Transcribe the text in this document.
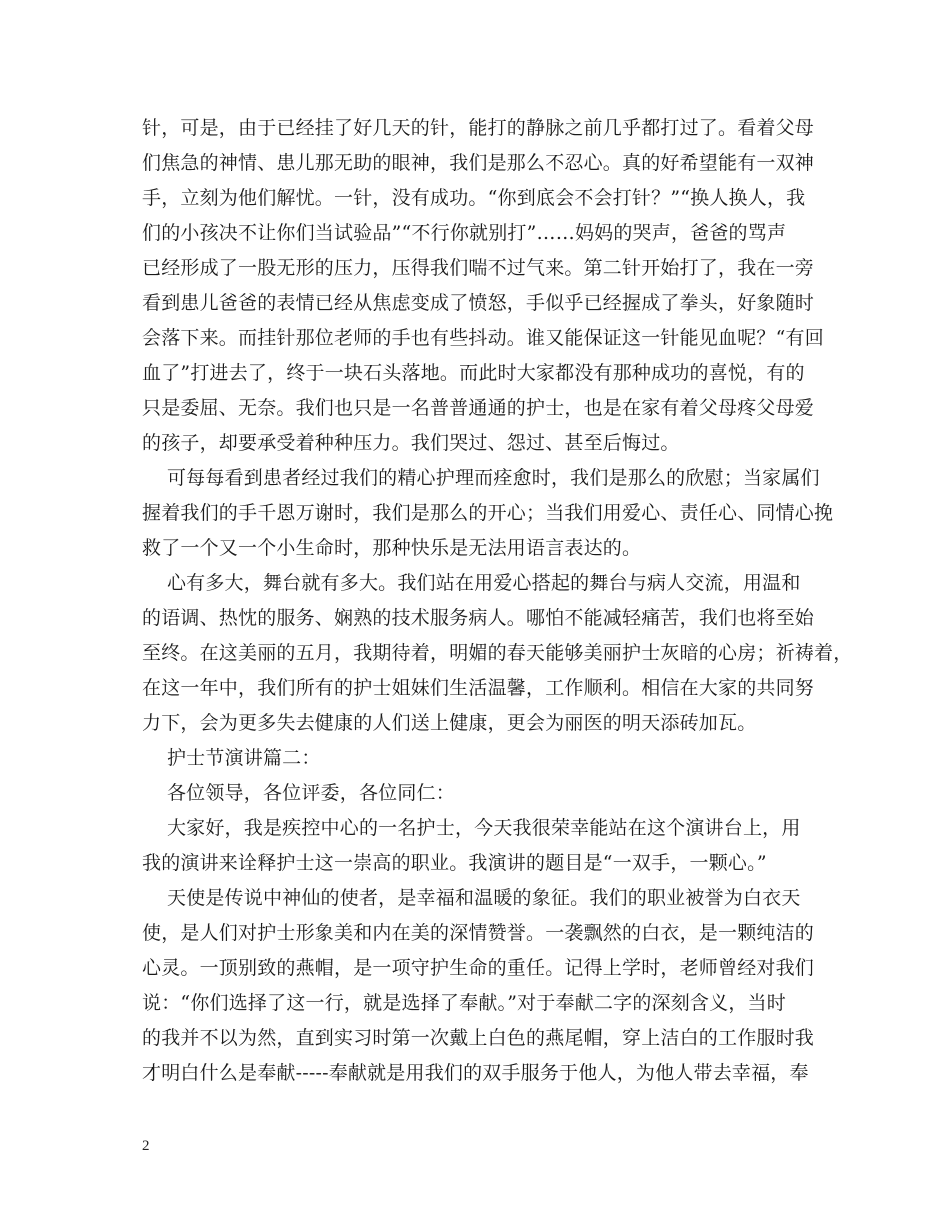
针，可是，由于已经挂了好几天的针，能打的静脉之前几乎都打过了。看着父母
们焦急的神情、患儿那无助的眼神，我们是那么不忍心。真的好希望能有一双神
手，立刻为他们解忧。一针，没有成功。“你到底会不会打针？”“换人换人，我
们的小孩决不让你们当试验品”“不行你就别打”……妈妈的哭声，爸爸的骂声
已经形成了一股无形的压力，压得我们喘不过气来。第二针开始打了，我在一旁
看到患儿爸爸的表情已经从焦虑变成了愤怒，手似乎已经握成了拳头，好象随时
会落下来。而挂针那位老师的手也有些抖动。谁又能保证这一针能见血呢？“有回
血了”打进去了，终于一块石头落地。而此时大家都没有那种成功的喜悦，有的
只是委屈、无奈。我们也只是一名普普通通的护士，也是在家有着父母疼父母爱
的孩子，却要承受着种种压力。我们哭过、怨过、甚至后悔过。
可每每看到患者经过我们的精心护理而痊愈时，我们是那么的欣慰；当家属们
握着我们的手千恩万谢时，我们是那么的开心；当我们用爱心、责任心、同情心挽
救了一个又一个小生命时，那种快乐是无法用语言表达的。
心有多大，舞台就有多大。我们站在用爱心搭起的舞台与病人交流，用温和
的语调、热忱的服务、娴熟的技术服务病人。哪怕不能减轻痛苦，我们也将至始
至终。在这美丽的五月，我期待着，明媚的春天能够美丽护士灰暗的心房；祈祷着，
在这一年中，我们所有的护士姐妹们生活温馨，工作顺利。相信在大家的共同努
力下，会为更多失去健康的人们送上健康，更会为丽医的明天添砖加瓦。
护士节演讲篇二：
各位领导，各位评委，各位同仁：
大家好，我是疾控中心的一名护士，今天我很荣幸能站在这个演讲台上，用
我的演讲来诠释护士这一崇高的职业。我演讲的题目是“一双手，一颗心。”
天使是传说中神仙的使者，是幸福和温暖的象征。我们的职业被誉为白衣天
使，是人们对护士形象美和内在美的深情赞誉。一袭飘然的白衣，是一颗纯洁的
心灵。一顶别致的燕帽，是一项守护生命的重任。记得上学时，老师曾经对我们
说：“你们选择了这一行，就是选择了奉献。”对于奉献二字的深刻含义，当时
的我并不以为然，直到实习时第一次戴上白色的燕尾帽，穿上洁白的工作服时我
才明白什么是奉献-----奉献就是用我们的双手服务于他人，为他人带去幸福，奉
2
